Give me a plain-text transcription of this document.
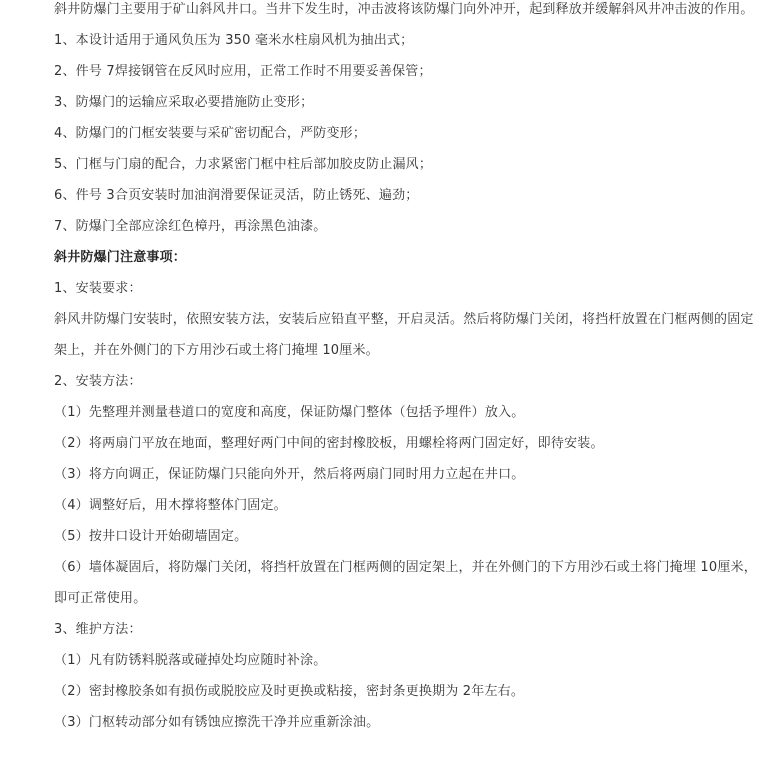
斜井防爆门主要用于矿山斜风井口。当井下发生时，冲击波将该防爆门向外冲开，起到释放并缓解斜风井冲击波的作用。
1、本设计适用于通风负压为 350 毫米水柱扇风机为抽出式；
2、件号 7焊接钢管在反风时应用，正常工作时不用要妥善保管；
3、防爆门的运输应采取必要措施防止变形；
4、防爆门的门框安装要与采矿密切配合，严防变形；
5、门框与门扇的配合，力求紧密门框中柱后部加胶皮防止漏风；
6、件号 3合页安装时加油润滑要保证灵活，防止锈死、遍劲；
7、防爆门全部应涂红色樟丹，再涂黑色油漆。
斜井防爆门注意事项：
1、安装要求：
斜风井防爆门安装时，依照安装方法，安装后应铅直平整，开启灵活。然后将防爆门关闭，将挡杆放置在门框两侧的固定架上，并在外侧门的下方用沙石或土将门掩埋 10厘米。
2、安装方法：
（1）先整理并测量巷道口的宽度和高度，保证防爆门整体（包括予埋件）放入。
（2）将两扇门平放在地面，整理好两门中间的密封橡胶板，用螺栓将两门固定好，即待安装。
（3）将方向调正，保证防爆门只能向外开，然后将两扇门同时用力立起在井口。
（4）调整好后，用木撑将整体门固定。
（5）按井口设计开始砌墙固定。
（6）墙体凝固后，将防爆门关闭，将挡杆放置在门框两侧的固定架上，并在外侧门的下方用沙石或土将门掩埋 10厘米，即可正常使用。
3、维护方法：
（1）凡有防锈料脱落或碰掉处均应随时补涂。
（2）密封橡胶条如有损伤或脱胶应及时更换或粘接，密封条更换期为 2年左右。
（3）门枢转动部分如有锈蚀应擦洗干净并应重新涂油。
